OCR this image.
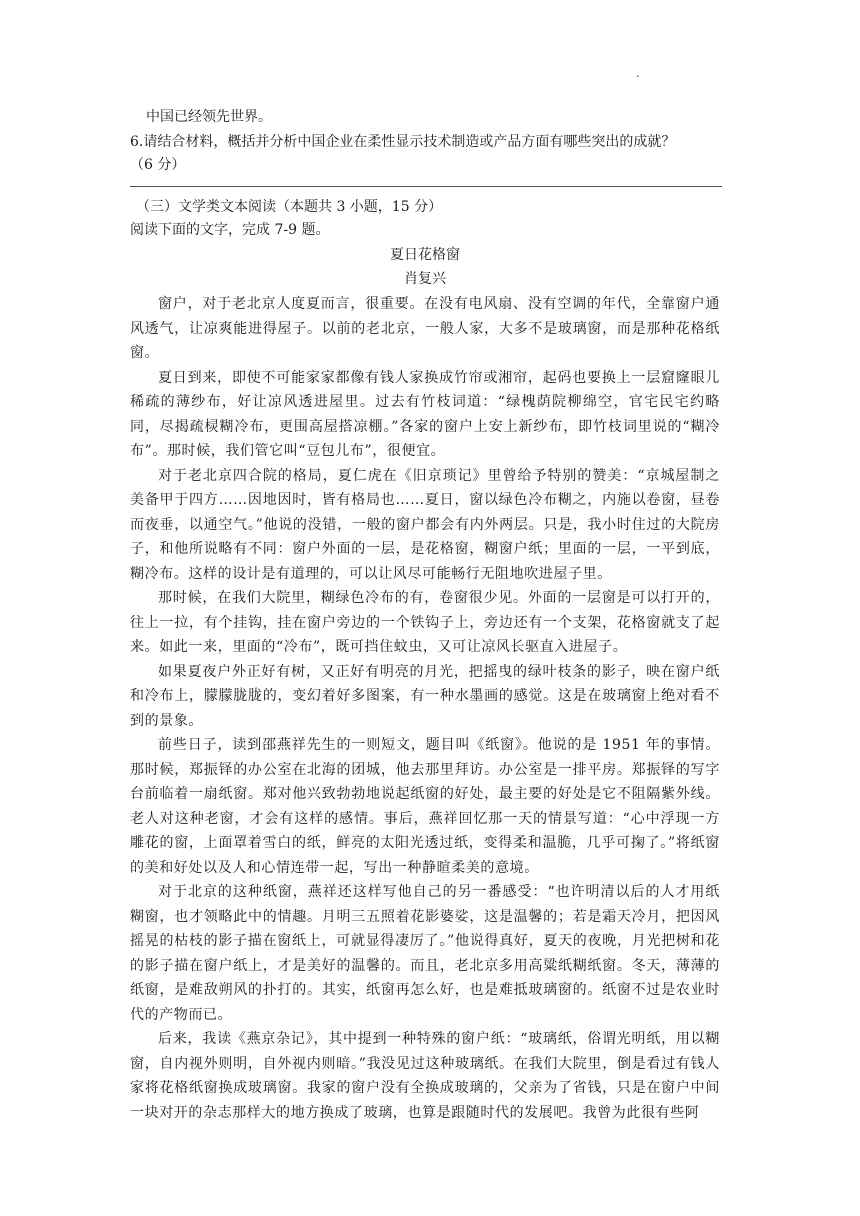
.
中国已经领先世界。
6.请结合材料，概括并分析中国企业在柔性显示技术制造或产品方面有哪些突出的成就？
（6 分）
（三）文学类文本阅读（本题共 3 小题，15 分）
阅读下面的文字，完成 7-9 题。
夏日花格窗
肖复兴

窗户，对于老北京人度夏而言，很重要。在没有电风扇、没有空调的年代，全靠窗户通风透气，让凉爽能进得屋子。以前的老北京，一般人家，大多不是玻璃窗，而是那种花格纸窗。

夏日到来，即使不可能家家都像有钱人家换成竹帘或湘帘，起码也要换上一层窟窿眼儿稀疏的薄纱布，好让凉风透进屋里。过去有竹枝词道：“绿槐荫院柳绵空，官宅民宅约略同，尽揭疏棂糊冷布，更围高屋搭凉棚。”各家的窗户上安上新纱布，即竹枝词里说的“糊冷布”。那时候，我们管它叫“豆包儿布”，很便宜。

对于老北京四合院的格局，夏仁虎在《旧京琐记》里曾给予特别的赞美：“京城屋制之美备甲于四方……因地因时，皆有格局也……夏日，窗以绿色冷布糊之，内施以卷窗，昼卷而夜垂，以通空气。”他说的没错，一般的窗户都会有内外两层。只是，我小时住过的大院房子，和他所说略有不同：窗户外面的一层，是花格窗，糊窗户纸；里面的一层，一平到底，糊冷布。这样的设计是有道理的，可以让风尽可能畅行无阻地吹进屋子里。

那时候，在我们大院里，糊绿色冷布的有，卷窗很少见。外面的一层窗是可以打开的，往上一拉，有个挂钩，挂在窗户旁边的一个铁钩子上，旁边还有一个支架，花格窗就支了起来。如此一来，里面的“冷布”，既可挡住蚊虫，又可让凉风长驱直入进屋子。

如果夏夜户外正好有树，又正好有明亮的月光，把摇曳的绿叶枝条的影子，映在窗户纸和冷布上，朦朦胧胧的，变幻着好多图案，有一种水墨画的感觉。这是在玻璃窗上绝对看不到的景象。

前些日子，读到邵燕祥先生的一则短文，题目叫《纸窗》。他说的是 1951 年的事情。那时候，郑振铎的办公室在北海的团城，他去那里拜访。办公室是一排平房。郑振铎的写字台前临着一扇纸窗。郑对他兴致勃勃地说起纸窗的好处，最主要的好处是它不阻隔紫外线。老人对这种老窗，才会有这样的感情。事后，燕祥回忆那一天的情景写道：“心中浮现一方雕花的窗，上面罩着雪白的纸，鲜亮的太阳光透过纸，变得柔和温脆，几乎可掬了。”将纸窗的美和好处以及人和心情连带一起，写出一种静暄柔美的意境。

对于北京的这种纸窗，燕祥还这样写他自己的另一番感受：“也许明清以后的人才用纸糊窗，也才领略此中的情趣。月明三五照着花影婆娑，这是温馨的；若是霜天冷月，把因风摇晃的枯枝的影子描在窗纸上，可就显得凄厉了。”他说得真好，夏天的夜晚，月光把树和花的影子描在窗户纸上，才是美好的温馨的。而且，老北京多用高粱纸糊纸窗。冬天，薄薄的纸窗，是难敌朔风的扑打的。其实，纸窗再怎么好，也是难抵玻璃窗的。纸窗不过是农业时代的产物而已。

后来，我读《燕京杂记》，其中提到一种特殊的窗户纸：“玻璃纸，俗谓光明纸，用以糊窗，自内视外则明，自外视内则暗。”我没见过这种玻璃纸。在我们大院里，倒是看过有钱人家将花格纸窗换成玻璃窗。我家的窗户没有全换成玻璃的，父亲为了省钱，只是在窗户中间一块对开的杂志那样大的地方换成了玻璃，也算是跟随时代的发展吧。我曾为此很有些阿
